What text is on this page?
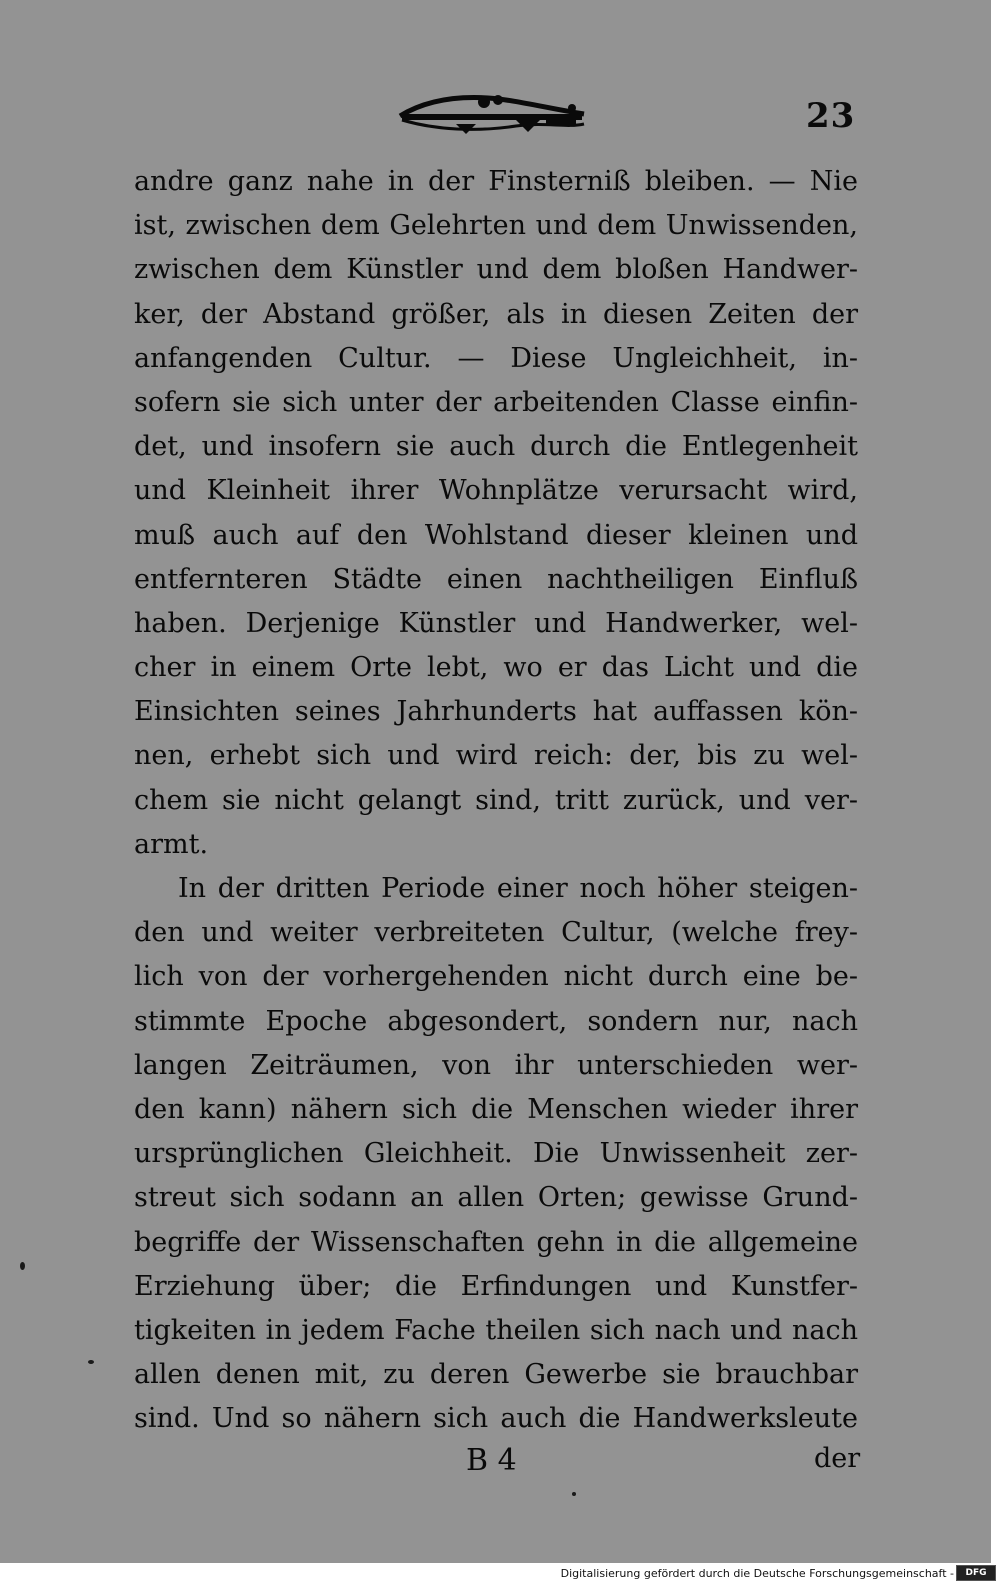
23
andre ganz nahe in der Finsterniß bleiben. — Nie
ist, zwischen dem Gelehrten und dem Unwissenden,
zwischen dem Künstler und dem bloßen Handwer-
ker, der Abstand größer, als in diesen Zeiten der
anfangenden Cultur. — Diese Ungleichheit, in-
sofern sie sich unter der arbeitenden Classe einfin-
det, und insofern sie auch durch die Entlegenheit
und Kleinheit ihrer Wohnplätze verursacht wird,
muß auch auf den Wohlstand dieser kleinen und
entfernteren Städte einen nachtheiligen Einfluß
haben. Derjenige Künstler und Handwerker, wel-
cher in einem Orte lebt, wo er das Licht und die
Einsichten seines Jahrhunderts hat auffassen kön-
nen, erhebt sich und wird reich: der, bis zu wel-
chem sie nicht gelangt sind, tritt zurück, und ver-
armt.
In der dritten Periode einer noch höher steigen-
den und weiter verbreiteten Cultur, (welche frey-
lich von der vorhergehenden nicht durch eine be-
stimmte Epoche abgesondert, sondern nur, nach
langen Zeiträumen, von ihr unterschieden wer-
den kann) nähern sich die Menschen wieder ihrer
ursprünglichen Gleichheit. Die Unwissenheit zer-
streut sich sodann an allen Orten; gewisse Grund-
begriffe der Wissenschaften gehn in die allgemeine
Erziehung über; die Erfindungen und Kunstfer-
tigkeiten in jedem Fache theilen sich nach und nach
allen denen mit, zu deren Gewerbe sie brauchbar
sind. Und so nähern sich auch die Handwerksleute
B 4	der
Digitalisierung gefördert durch die Deutsche Forschungsgemeinschaft -	DFG
